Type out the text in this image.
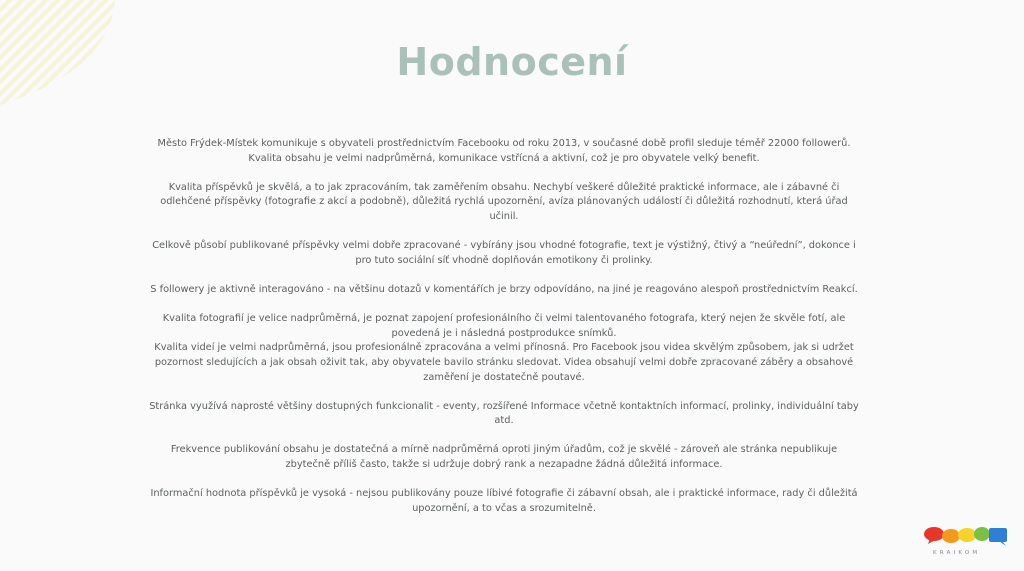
Hodnocení

Město Frýdek-Místek komunikuje s obyvateli prostřednictvím Facebooku od roku 2013, v současné době profil sleduje téměř 22000 followerů. Kvalita obsahu je velmi nadprůměrná, komunikace vstřícná a aktivní, což je pro obyvatele velký benefit.

Kvalita příspěvků je skvělá, a to jak zpracováním, tak zaměřením obsahu. Nechybí veškeré důležité praktické informace, ale i zábavné či odlehčené příspěvky (fotografie z akcí a podobně), důležitá rychlá upozornění, avíza plánovaných událostí či důležitá rozhodnutí, která úřad učinil.

Celkově působí publikované příspěvky velmi dobře zpracované - vybírány jsou vhodné fotografie, text je výstižný, čtivý a “neúřední”, dokonce i pro tuto sociální síť vhodně doplňován emotikony či prolinky.

S followery je aktivně interagováno - na většinu dotazů v komentářích je brzy odpovídáno, na jiné je reagováno alespoň prostřednictvím Reakcí.

Kvalita fotografií je velice nadprůměrná, je poznat zapojení profesionálního či velmi talentovaného fotografa, který nejen že skvěle fotí, ale povedená je i následná postprodukce snímků.

Kvalita videí je velmi nadprůměrná, jsou profesionálně zpracována a velmi přínosná. Pro Facebook jsou videa skvělým způsobem, jak si udržet pozornost sledujících a jak obsah oživit tak, aby obyvatele bavilo stránku sledovat. Videa obsahují velmi dobře zpracované záběry a obsahové zaměření je dostatečně poutavé.

Stránka využívá naprosté většiny dostupných funkcionalit - eventy, rozšířené Informace včetně kontaktních informací, prolinky, individuální taby atd.

Frekvence publikování obsahu je dostatečná a mírně nadprůměrná oproti jiným úřadům, což je skvělé - zároveň ale stránka nepublikuje zbytečně příliš často, takže si udržuje dobrý rank a nezapadne žádná důležitá informace.

Informační hodnota příspěvků je vysoká - nejsou publikovány pouze líbivé fotografie či zábavní obsah, ale i praktické informace, rady či důležitá upozornění, a to včas a srozumitelně.

KRAIKOM
